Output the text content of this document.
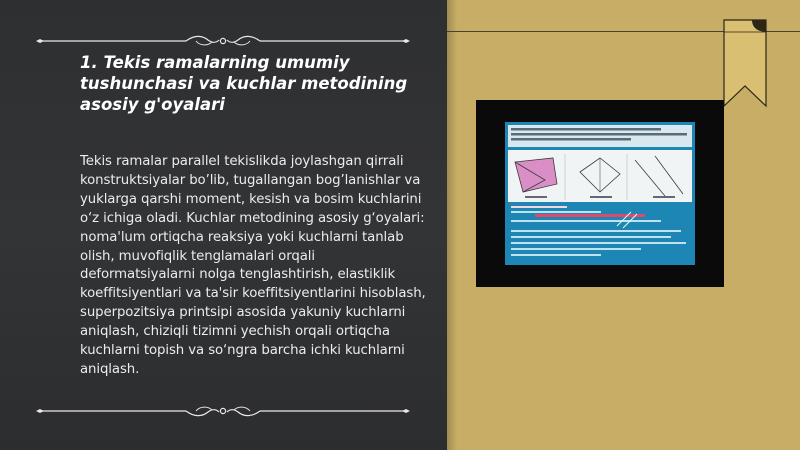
1. Tekis ramalarning umumiy tushunchasi va kuchlar metodining asosiy g'oyalari

Tekis ramalar parallel tekislikda joylashgan qirrali konstruktsiyalar bo’lib, tugallangan bog’lanishlar va yuklarga qarshi moment, kesish va bosim kuchlarini o‘z ichiga oladi. Kuchlar metodining asosiy g‘oyalari: noma'lum ortiqcha reaksiya yoki kuchlarni tanlab olish, muvofiqlik tenglamalari orqali deformatsiyalarni nolga tenglashtirish, elastiklik koeffitsiyentlari va ta'sir koeffitsiyentlarini hisoblash, superpozitsiya printsipi asosida yakuniy kuchlarni aniqlash, chiziqli tizimni yechish orqali ortiqcha kuchlarni topish va so‘ngra barcha ichki kuchlarni aniqlash.
